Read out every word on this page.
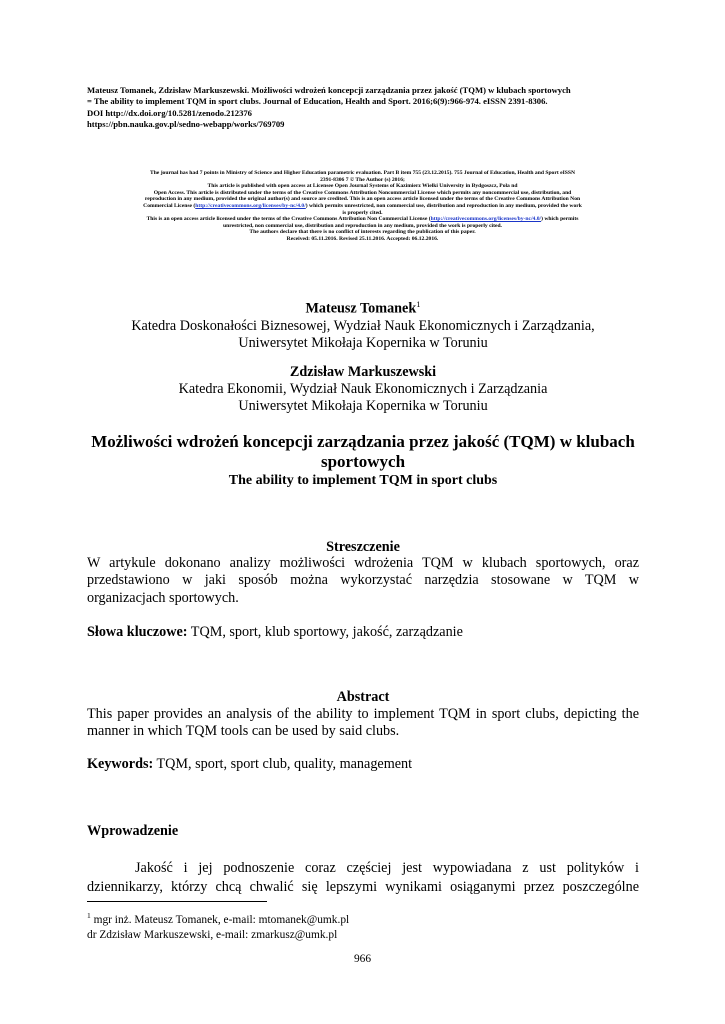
Mateusz Tomanek, Zdzisław Markuszewski. Możliwości wdrożeń koncepcji zarządzania przez jakość (TQM) w klubach sportowych
= The ability to implement TQM in sport clubs. Journal of Education, Health and Sport. 2016;6(9):966-974. eISSN 2391-8306.
DOI http://dx.doi.org/10.5281/zenodo.212376
https://pbn.nauka.gov.pl/sedno-webapp/works/769709
The journal has had 7 points in Ministry of Science and Higher Education parametric evaluation. Part B item 755 (23.12.2015). 755 Journal of Education, Health and Sport eISSN
2391-8306 7 © The Author (s) 2016;
This article is published with open access at Licensee Open Journal Systems of Kazimierz Wielki University in Bydgoszcz, Pola nd
Open Access. This article is distributed under the terms of the Creative Commons Attribution Noncommercial License which permits any noncommercial use, distribution, and
reproduction in any medium, provided the original author(s) and source are credited. This is an open access article licensed under the terms of the Creative Commons Attribution Non
Commercial License (http://creativecommons.org/licenses/by-nc/4.0/) which permits unrestricted, non commercial use, distribution and reproduction in any medium, provided the work
is properly cited.
This is an open access article licensed under the terms of the Creative Commons Attribution Non Commercial License (http://creativecommons.org/licenses/by-nc/4.0/) which permits
unrestricted, non commercial use, distribution and reproduction in any medium, provided the work is properly cited.
The authors declare that there is no conflict of interests regarding the publication of this paper.
Received: 05.11.2016. Revised 25.11.2016. Accepted: 06.12.2016.
Mateusz Tomanek$^1$
Katedra Doskonałości Biznesowej, Wydział Nauk Ekonomicznych i Zarządzania,
Uniwersytet Mikołaja Kopernika w Toruniu
Zdzisław Markuszewski
Katedra Ekonomii, Wydział Nauk Ekonomicznych i Zarządzania
Uniwersytet Mikołaja Kopernika w Toruniu
Możliwości wdrożeń koncepcji zarządzania przez jakość (TQM) w klubach
sportowych
The ability to implement TQM in sport clubs
Streszczenie
W artykule dokonano analizy możliwości wdrożenia TQM w klubach sportowych, oraz
przedstawiono w jaki sposób można wykorzystać narzędzia stosowane w TQM w
organizacjach sportowych.
Słowa kluczowe: TQM, sport, klub sportowy, jakość, zarządzanie
Abstract
This paper provides an analysis of the ability to implement TQM in sport clubs, depicting the
manner in which TQM tools can be used by said clubs.
Keywords: TQM, sport, sport club, quality, management
Wprowadzenie
Jakość i jej podnoszenie coraz częściej jest wypowiadana z ust polityków i
dziennikarzy, którzy chcą chwalić się lepszymi wynikami osiąganymi przez poszczególne
$^1$ mgr inż. Mateusz Tomanek, e-mail: mtomanek@umk.pl
dr Zdzisław Markuszewski, e-mail: zmarkusz@umk.pl
966
